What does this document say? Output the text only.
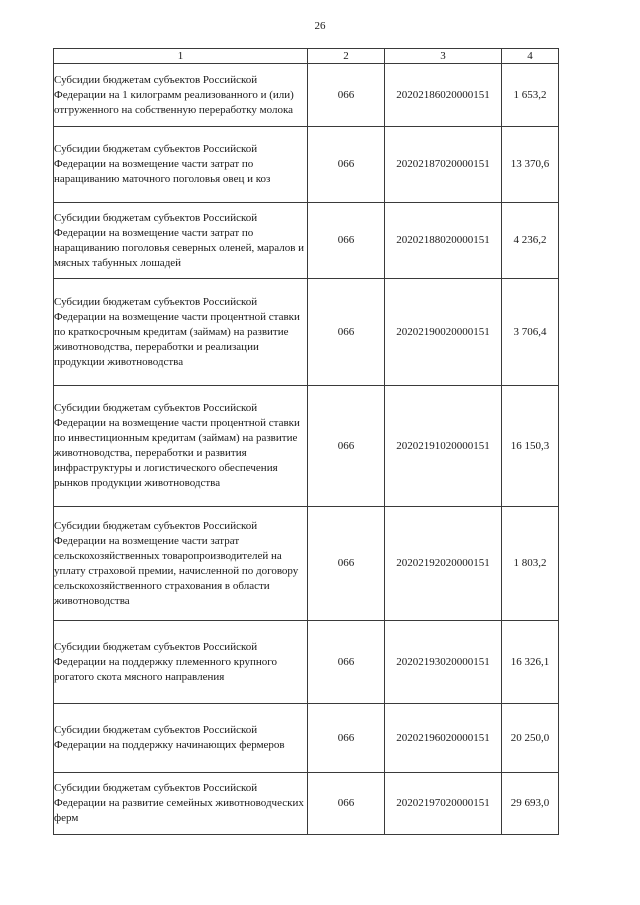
26
1	2	3	4
Субсидии бюджетам субъектов Российской Федерации на 1 килограмм реализованного и (или) отгруженного на собственную переработку молока	066	20202186020000151	1 653,2
Субсидии бюджетам субъектов Российской Федерации на возмещение части затрат по наращиванию маточного поголовья овец и коз	066	20202187020000151	13 370,6
Субсидии бюджетам субъектов Российской Федерации на возмещение части затрат по наращиванию поголовья северных оленей, маралов и мясных табунных лошадей	066	20202188020000151	4 236,2
Субсидии бюджетам субъектов Российской Федерации на возмещение части процентной ставки по краткосрочным кредитам (займам) на развитие животноводства, переработки и реализации продукции животноводства	066	20202190020000151	3 706,4
Субсидии бюджетам субъектов Российской Федерации на возмещение части процентной ставки по инвестиционным кредитам (займам) на развитие животноводства, переработки и развития инфраструктуры и логистического обеспечения рынков продукции животноводства	066	20202191020000151	16 150,3
Субсидии бюджетам субъектов Российской Федерации на возмещение части затрат сельскохозяйственных товаропроизводителей на уплату страховой премии, начисленной по договору сельскохозяйственного страхования в области животноводства	066	20202192020000151	1 803,2
Субсидии бюджетам субъектов Российской Федерации на поддержку племенного крупного рогатого скота мясного направления	066	20202193020000151	16 326,1
Субсидии бюджетам субъектов Российской Федерации на поддержку начинающих фермеров	066	20202196020000151	20 250,0
Субсидии бюджетам субъектов Российской Федерации на развитие семейных животноводческих ферм	066	20202197020000151	29 693,0
